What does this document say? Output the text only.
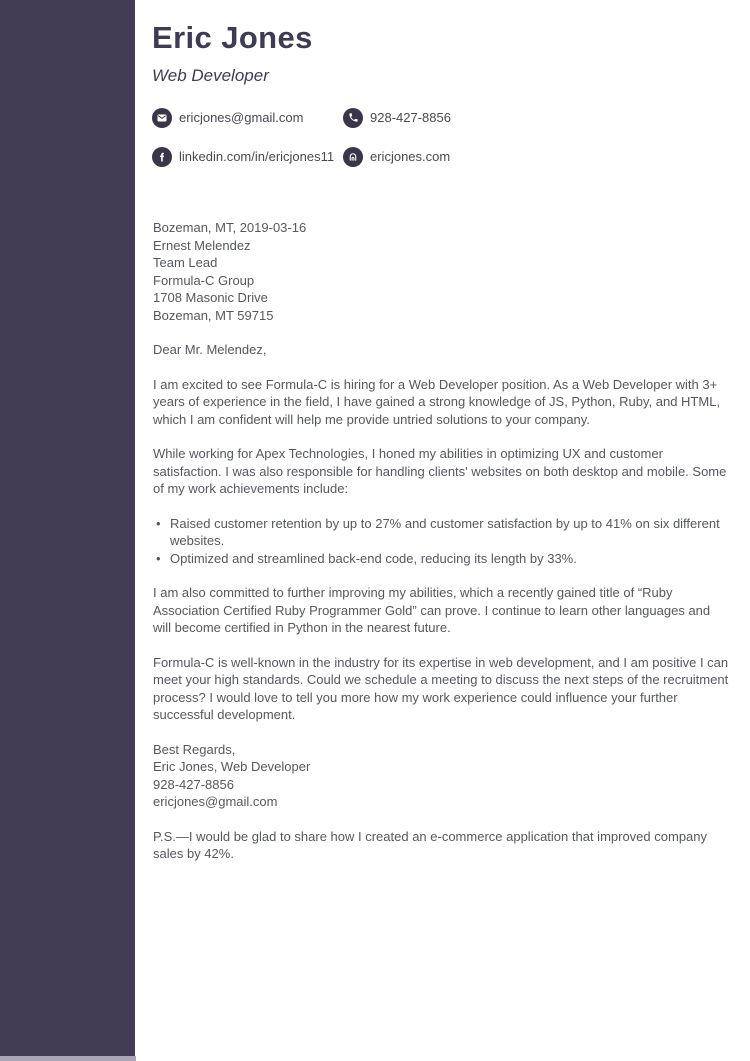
Eric Jones
Web Developer
ericjones@gmail.com	928-427-8856
linkedin.com/in/ericjones11	ericjones.com
Bozeman, MT, 2019-03-16
Ernest Melendez
Team Lead
Formula-C Group
1708 Masonic Drive
Bozeman, MT 59715

Dear Mr. Melendez,

I am excited to see Formula-C is hiring for a Web Developer position. As a Web Developer with 3+ years of experience in the field, I have gained a strong knowledge of JS, Python, Ruby, and HTML, which I am confident will help me provide untried solutions to your company.

While working for Apex Technologies, I honed my abilities in optimizing UX and customer satisfaction. I was also responsible for handling clients' websites on both desktop and mobile. Some of my work achievements include:

• Raised customer retention by up to 27% and customer satisfaction by up to 41% on six different websites.
• Optimized and streamlined back-end code, reducing its length by 33%.

I am also committed to further improving my abilities, which a recently gained title of “Ruby Association Certified Ruby Programmer Gold” can prove. I continue to learn other languages and will become certified in Python in the nearest future.

Formula-C is well-known in the industry for its expertise in web development, and I am positive I can meet your high standards. Could we schedule a meeting to discuss the next steps of the recruitment process? I would love to tell you more how my work experience could influence your further successful development.

Best Regards,
Eric Jones, Web Developer
928-427-8856
ericjones@gmail.com

P.S.—I would be glad to share how I created an e-commerce application that improved company sales by 42%.
